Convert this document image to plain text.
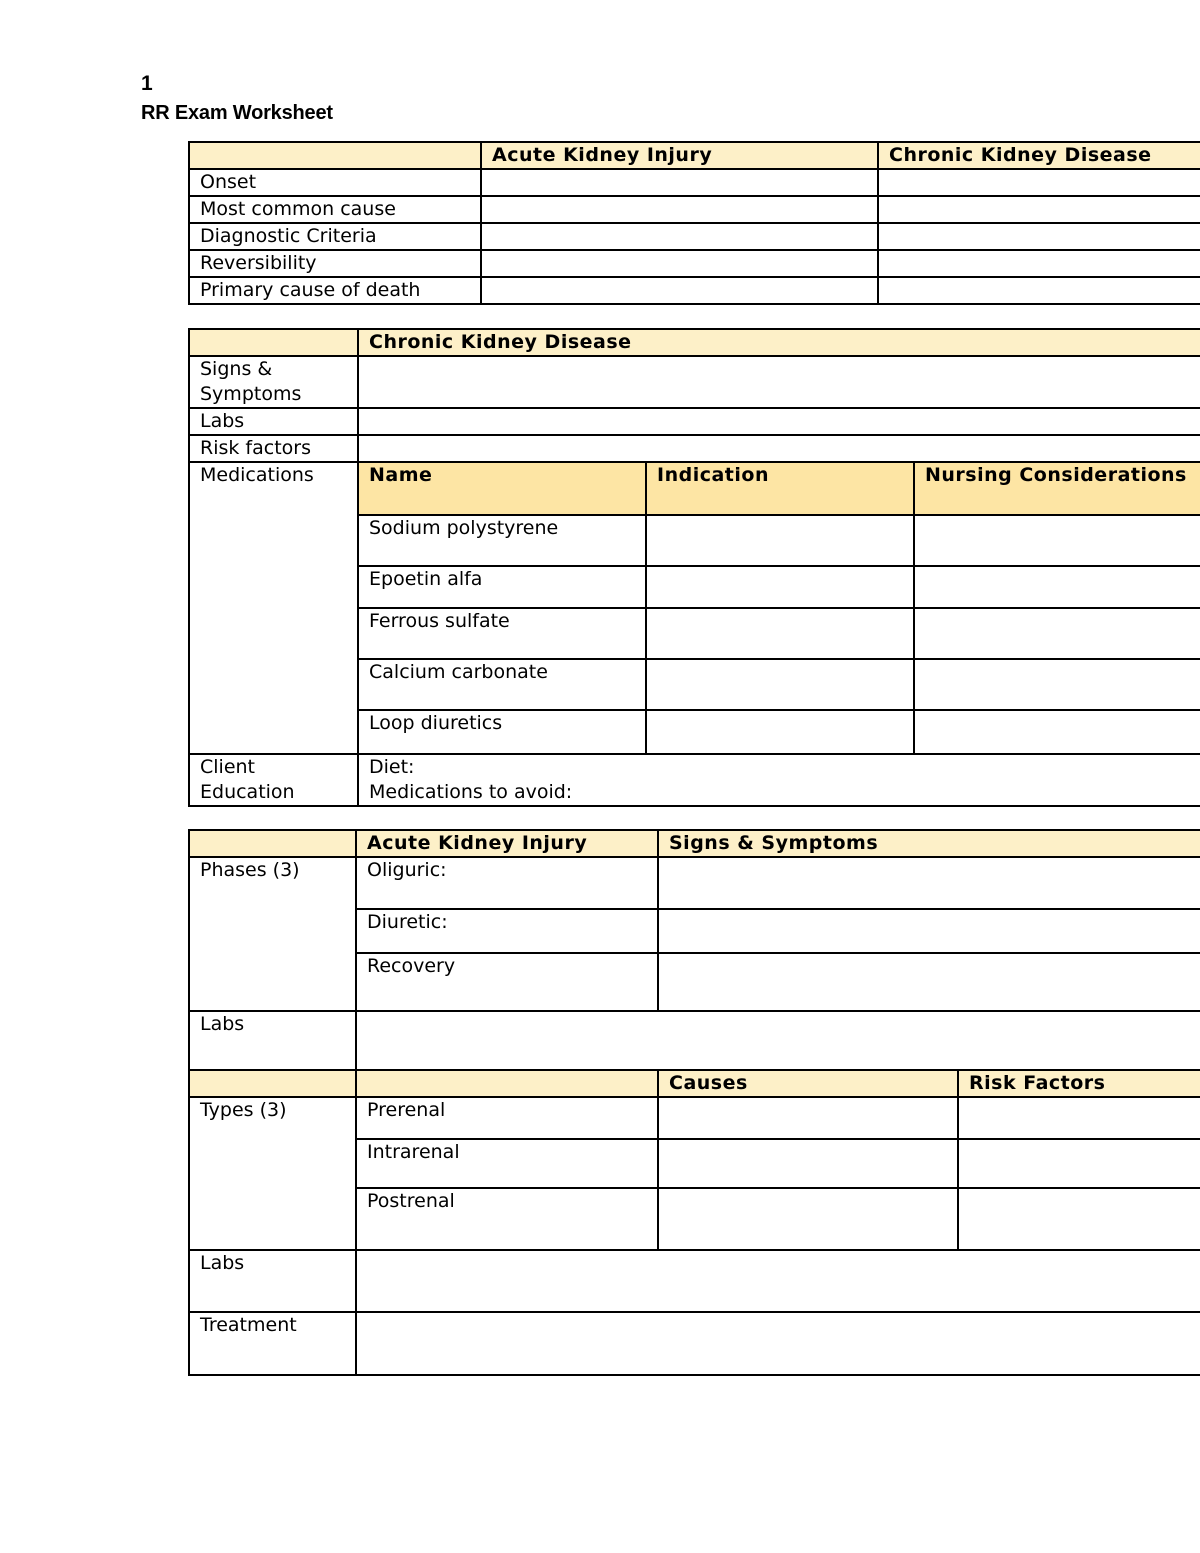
1
RR Exam Worksheet
	Acute Kidney Injury	Chronic Kidney Disease
Onset		
Most common cause		
Diagnostic Criteria		
Reversibility		
Primary cause of death		
	Chronic Kidney Disease
Signs & Symptoms	
Labs	
Risk factors	
Medications		Name	Indication	Nursing Considerations
Sodium polystyrene		
Epoetin alfa		
Ferrous sulfate		
Calcium carbonate		
Loop diuretics		

Client Education	
Diet:
Medications to avoid:
	Acute Kidney Injury	Signs & Symptoms	
Phases (3)	Oliguric:		
	Diuretic:		
	Recovery		
Labs			
		Causes	Risk Factors
Types (3)	Prerenal		
	Intrarenal		
	Postrenal		
Labs			
Treatment			
